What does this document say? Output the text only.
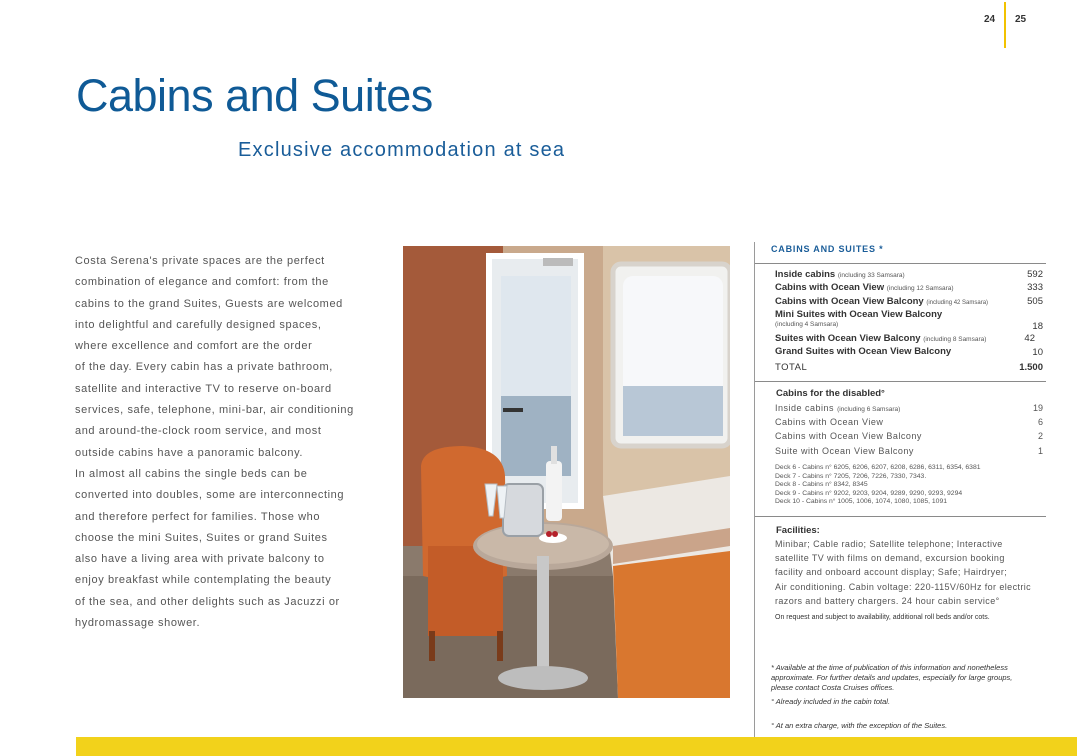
24 25
Cabins and Suites
Exclusive accommodation at sea
Costa Serena's private spaces are the perfect
combination of elegance and comfort: from the
cabins to the grand Suites, Guests are welcomed
into delightful and carefully designed spaces,
where excellence and comfort are the order
of the day. Every cabin has a private bathroom,
satellite and interactive TV to reserve on-board
services, safe, telephone, mini-bar, air conditioning
and around-the-clock room service, and most
outside cabins have a panoramic balcony.
In almost all cabins the single beds can be
converted into doubles, some are interconnecting
and therefore perfect for families. Those who
choose the mini Suites, Suites or grand Suites
also have a living area with private balcony to
enjoy breakfast while contemplating the beauty
of the sea, and other delights such as Jacuzzi or
hydromassage shower.
CABINS AND SUITES *
Inside cabins (including 33 Samsara)	592
Cabins with Ocean View (including 12 Samsara)	333
Cabins with Ocean View Balcony (including 42 Samsara)	505
Mini Suites with Ocean View Balcony
(including 4 Samsara)	18
Suites with Ocean View Balcony (including 8 Samsara)	42
Grand Suites with Ocean View Balcony	10
TOTAL	1.500
Cabins for the disabled°
Inside cabins (including 6 Samsara)	19
Cabins with Ocean View	6
Cabins with Ocean View Balcony	2
Suite with Ocean View Balcony	1
Deck 6 - Cabins n° 6205, 6206, 6207, 6208, 6286, 6311, 6354, 6381
Deck 7 - Cabins n° 7205, 7206, 7226, 7330, 7343.
Deck 8 - Cabins n° 8342, 8345
Deck 9 - Cabins n° 9202, 9203, 9204, 9289, 9290, 9293, 9294
Deck 10 - Cabins n° 1005, 1006, 1074, 1080, 1085, 1091
Facilities:
Minibar; Cable radio; Satellite telephone; Interactive
satellite TV with films on demand, excursion booking
facility and onboard account display; Safe; Hairdryer;
Air conditioning. Cabin voltage: 220-115V/60Hz for electric
razors and battery chargers. 24 hour cabin service°
On request and subject to availability, additional roll beds and/or cots.
* Available at the time of publication of this information and nonetheless
approximate. For further details and updates, especially for large groups,
please contact Costa Cruises offices.
° Already included in the cabin total.
° At an extra charge, with the exception of the Suites.
